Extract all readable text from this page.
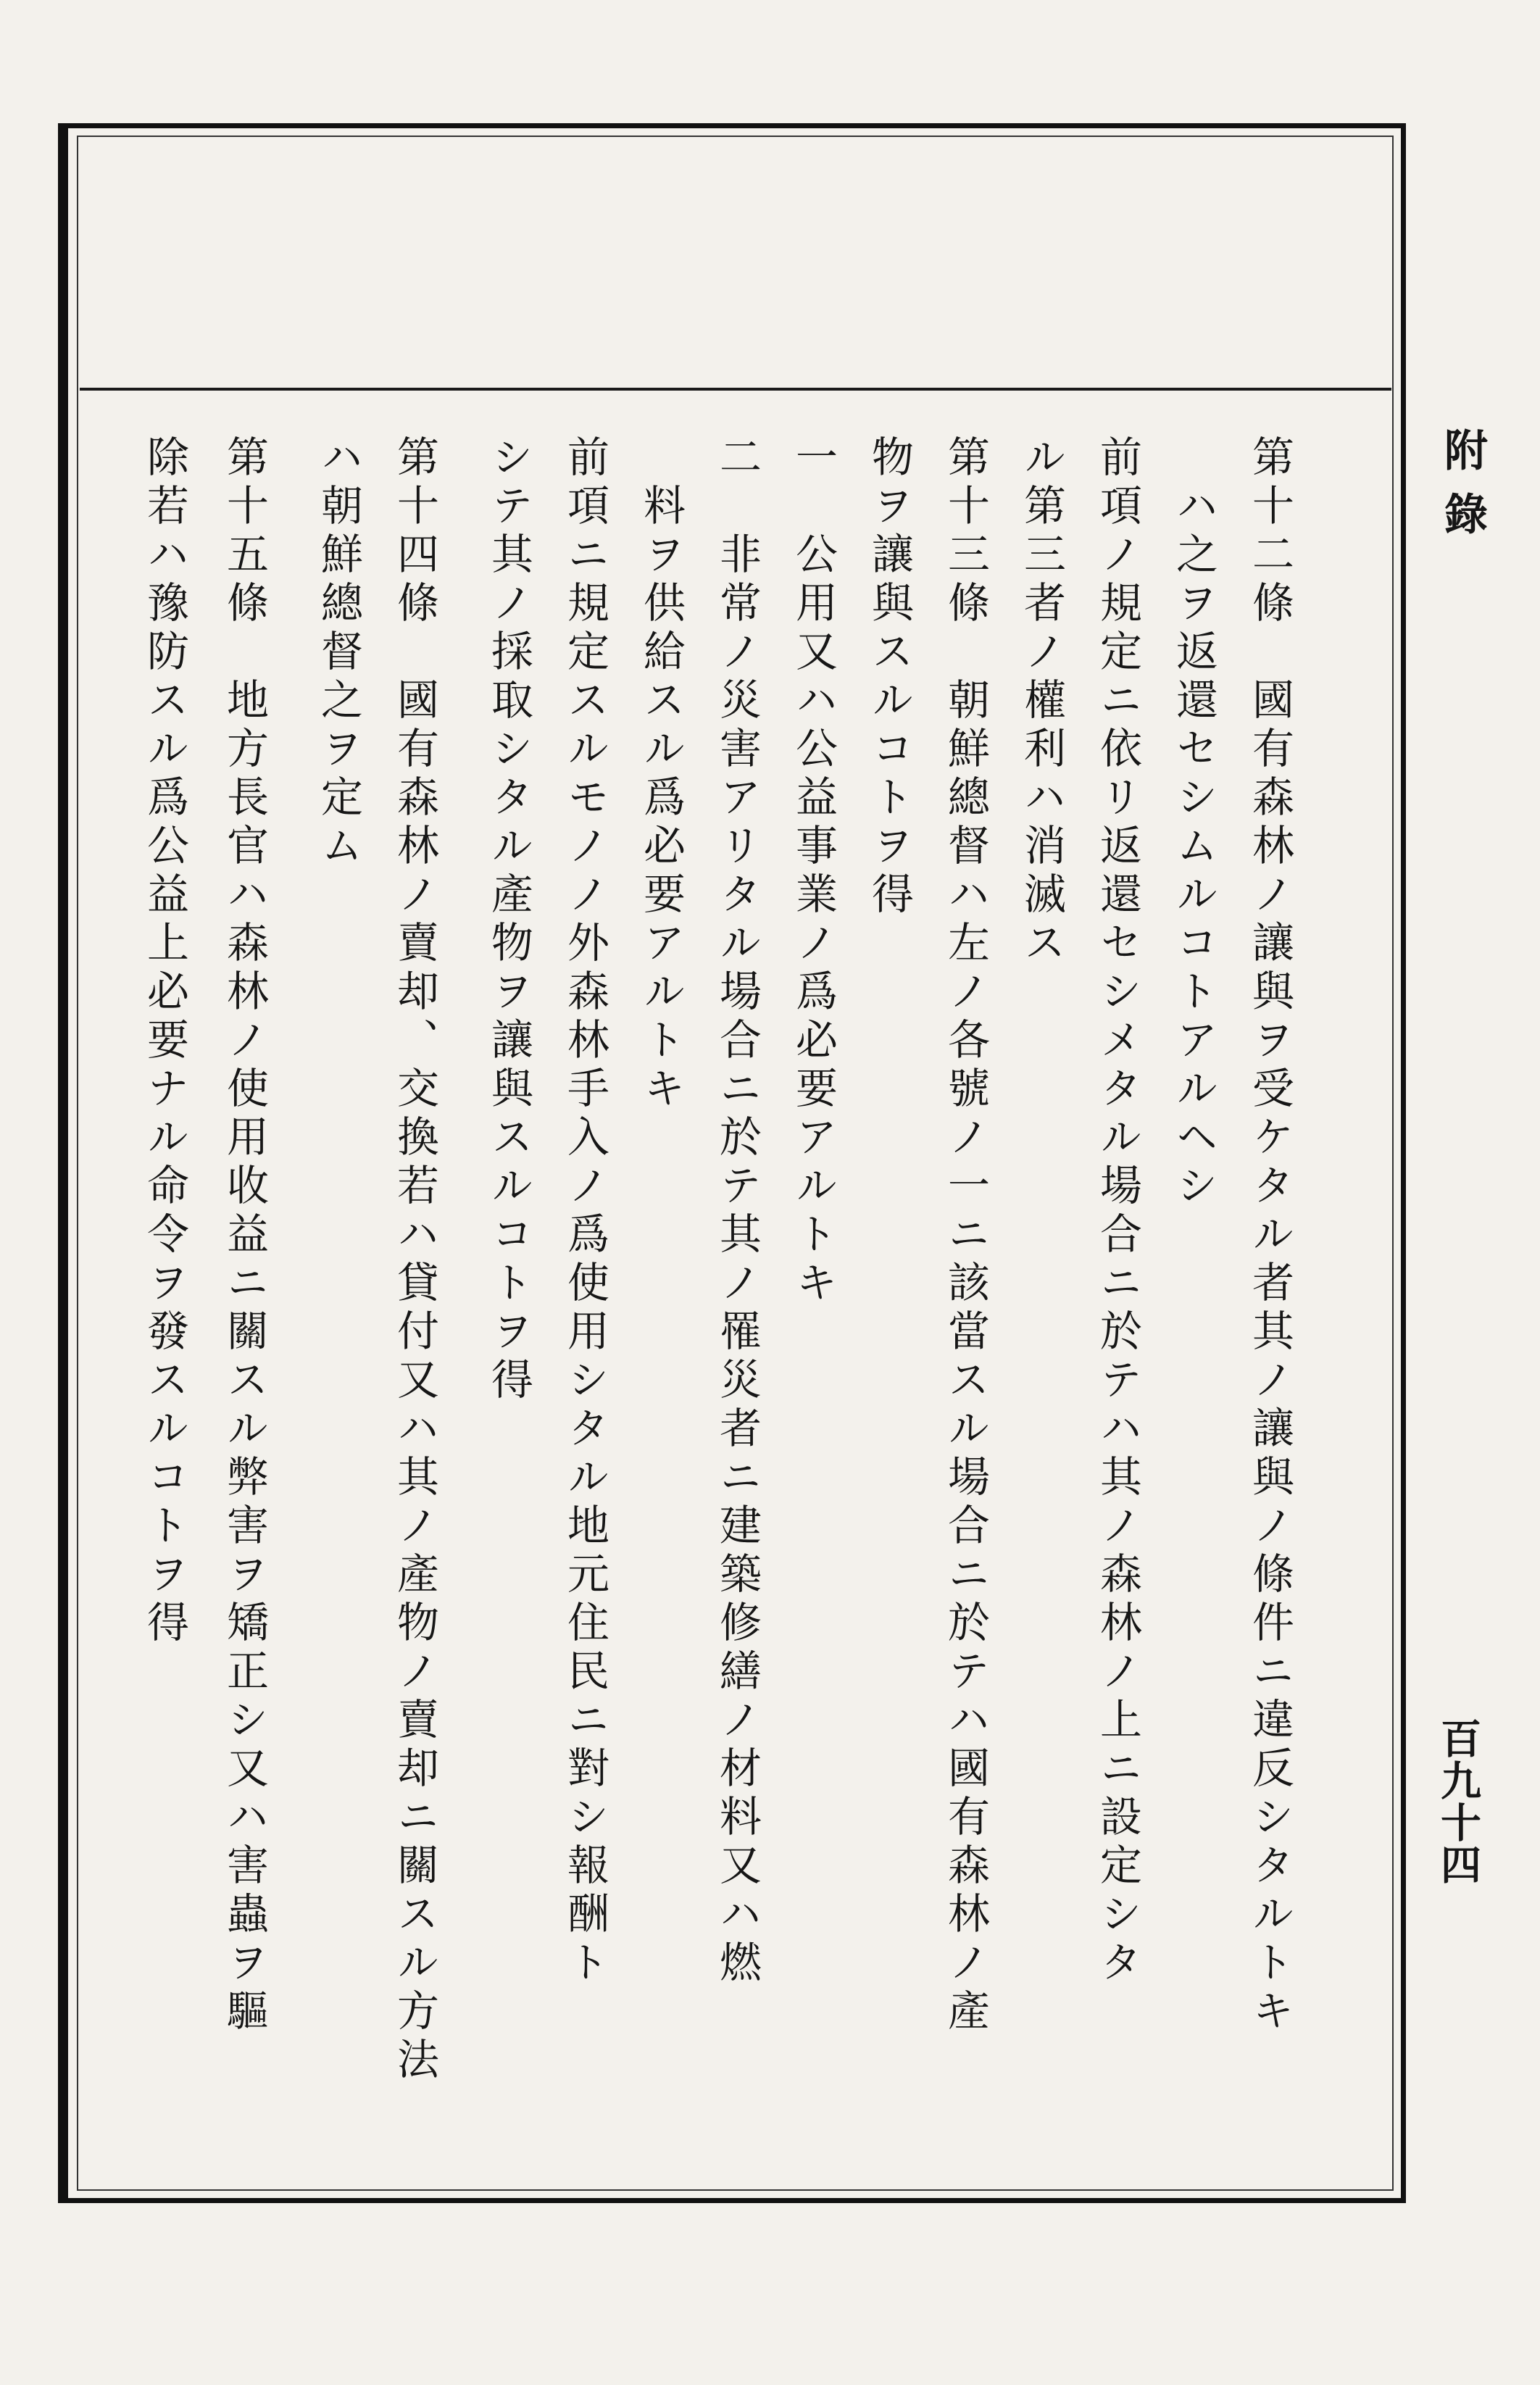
附錄
百九十四
第十二條　國有森林ノ讓與ヲ受ケタル者其ノ讓與ノ條件ニ違反シタルトキ
　ハ之ヲ返還セシムルコトアルヘシ
前項ノ規定ニ依リ返還セシメタル場合ニ於テハ其ノ森林ノ上ニ設定シタ
ル第三者ノ權利ハ消滅ス
第十三條　朝鮮總督ハ左ノ各號ノ一ニ該當スル場合ニ於テハ國有森林ノ產
物ヲ讓與スルコトヲ得
一　公用又ハ公益事業ノ爲必要アルトキ
二　非常ノ災害アリタル場合ニ於テ其ノ罹災者ニ建築修繕ノ材料又ハ燃
　料ヲ供給スル爲必要アルトキ
前項ニ規定スルモノノ外森林手入ノ爲使用シタル地元住民ニ對シ報酬ト
シテ其ノ採取シタル產物ヲ讓與スルコトヲ得
第十四條　國有森林ノ賣却、交換若ハ貸付又ハ其ノ產物ノ賣却ニ關スル方法
ハ朝鮮總督之ヲ定ム
第十五條　地方長官ハ森林ノ使用收益ニ關スル弊害ヲ矯正シ又ハ害蟲ヲ驅
除若ハ豫防スル爲公益上必要ナル命令ヲ發スルコトヲ得
